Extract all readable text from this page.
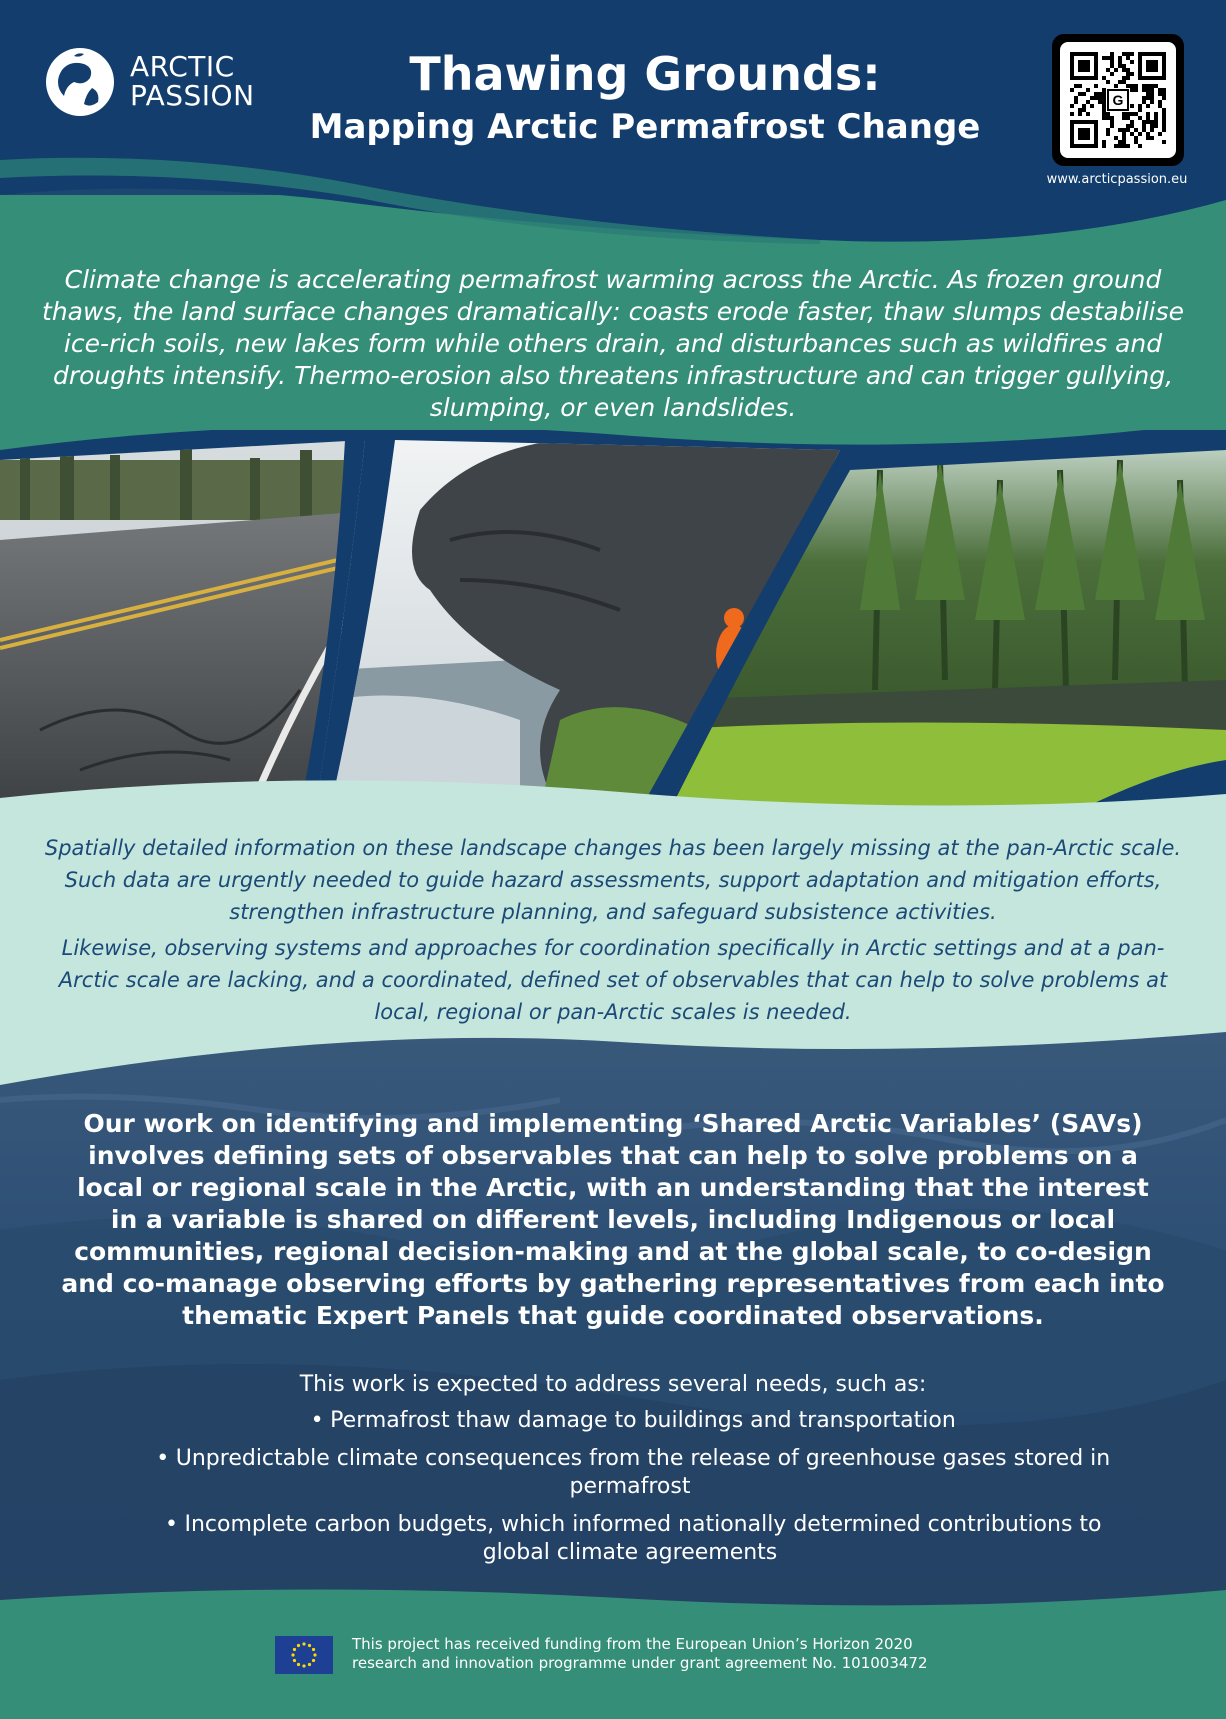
ARCTIC
PASSION	Thawing Grounds:
Mapping Arctic Permafrost Change
G
www.arcticpassion.eu
Climate change is accelerating permafrost warming across the Arctic. As frozen ground thaws, the land surface changes dramatically: coasts erode faster, thaw slumps destabilise ice-rich soils, new lakes form while others drain, and disturbances such as wildfires and droughts intensify. Thermo-erosion also threatens infrastructure and can trigger gullying, slumping, or even landslides.

Spatially detailed information on these landscape changes has been largely missing at the pan-Arctic scale. Such data are urgently needed to guide hazard assessments, support adaptation and mitigation efforts, strengthen infrastructure planning, and safeguard subsistence activities.

Likewise, observing systems and approaches for coordination specifically in Arctic settings and at a pan-Arctic scale are lacking, and a coordinated, defined set of observables that can help to solve problems at local, regional or pan-Arctic scales is needed.

Our work on identifying and implementing ‘Shared Arctic Variables’ (SAVs) involves defining sets of observables that can help to solve problems on a local or regional scale in the Arctic, with an understanding that the interest in a variable is shared on different levels, including Indigenous or local communities, regional decision-making and at the global scale, to co-design and co-manage observing efforts by gathering representatives from each into thematic Expert Panels that guide coordinated observations.
This work is expected to address several needs, such as:
• Permafrost thaw damage to buildings and transportation
• Unpredictable climate consequences from the release of greenhouse gases stored in permafrost
• Incomplete carbon budgets, which informed nationally determined contributions to global climate agreements
This project has received funding from the European Union’s Horizon 2020
research and innovation programme under grant agreement No. 101003472
